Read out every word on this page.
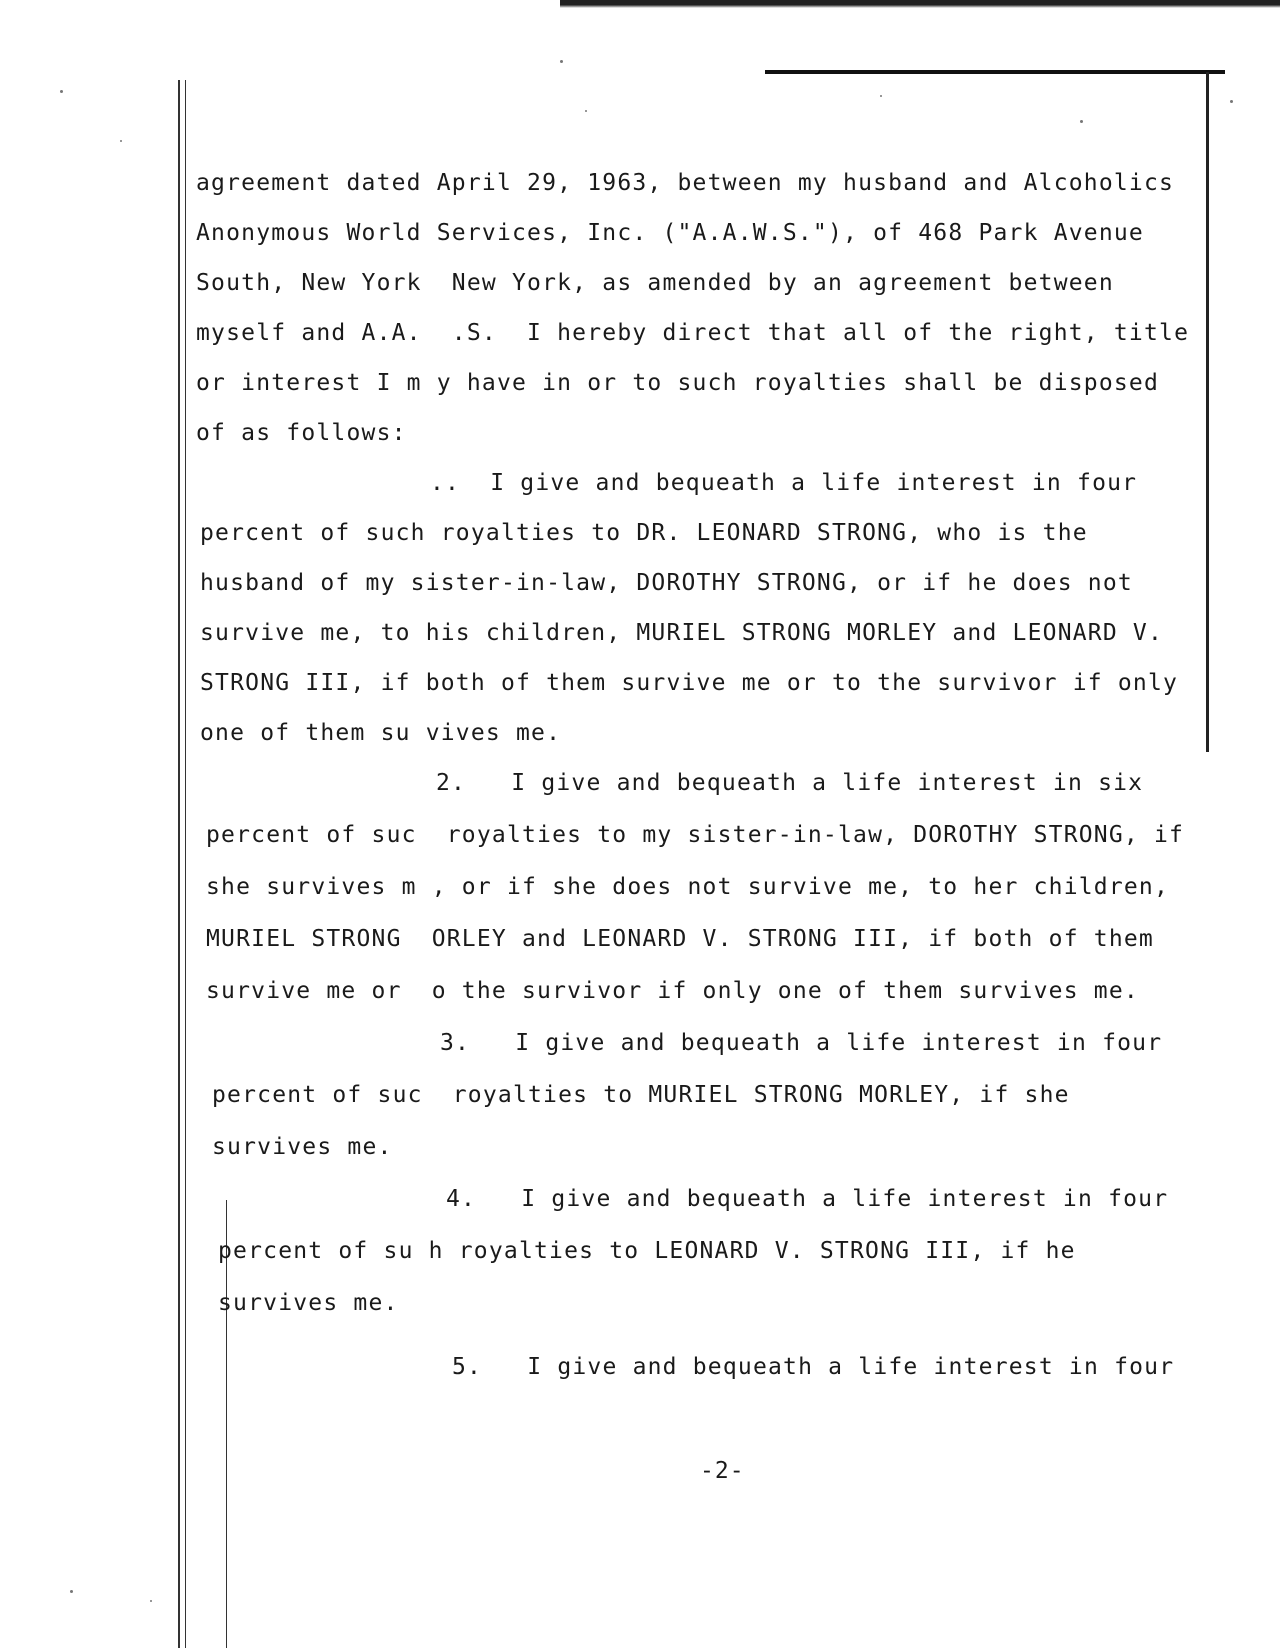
agreement dated April 29, 1963, between my husband and Alcoholics
Anonymous World Services, Inc. ("A.A.W.S."), of 468 Park Avenue
South, New York  New York, as amended by an agreement between
myself and A.A.  .S.  I hereby direct that all of the right, title
or interest I m y have in or to such royalties shall be disposed
of as follows:
..  I give and bequeath a life interest in four
percent of such royalties to DR. LEONARD STRONG, who is the
husband of my sister-in-law, DOROTHY STRONG, or if he does not
survive me, to his children, MURIEL STRONG MORLEY and LEONARD V.
STRONG III, if both of them survive me or to the survivor if only
one of them su vives me.
2.   I give and bequeath a life interest in six
percent of suc  royalties to my sister-in-law, DOROTHY STRONG, if
she survives m , or if she does not survive me, to her children,
MURIEL STRONG  ORLEY and LEONARD V. STRONG III, if both of them
survive me or  o the survivor if only one of them survives me.
3.   I give and bequeath a life interest in four
percent of suc  royalties to MURIEL STRONG MORLEY, if she
survives me.
4.   I give and bequeath a life interest in four
percent of su h royalties to LEONARD V. STRONG III, if he
survives me.
5.   I give and bequeath a life interest in four
-2-
